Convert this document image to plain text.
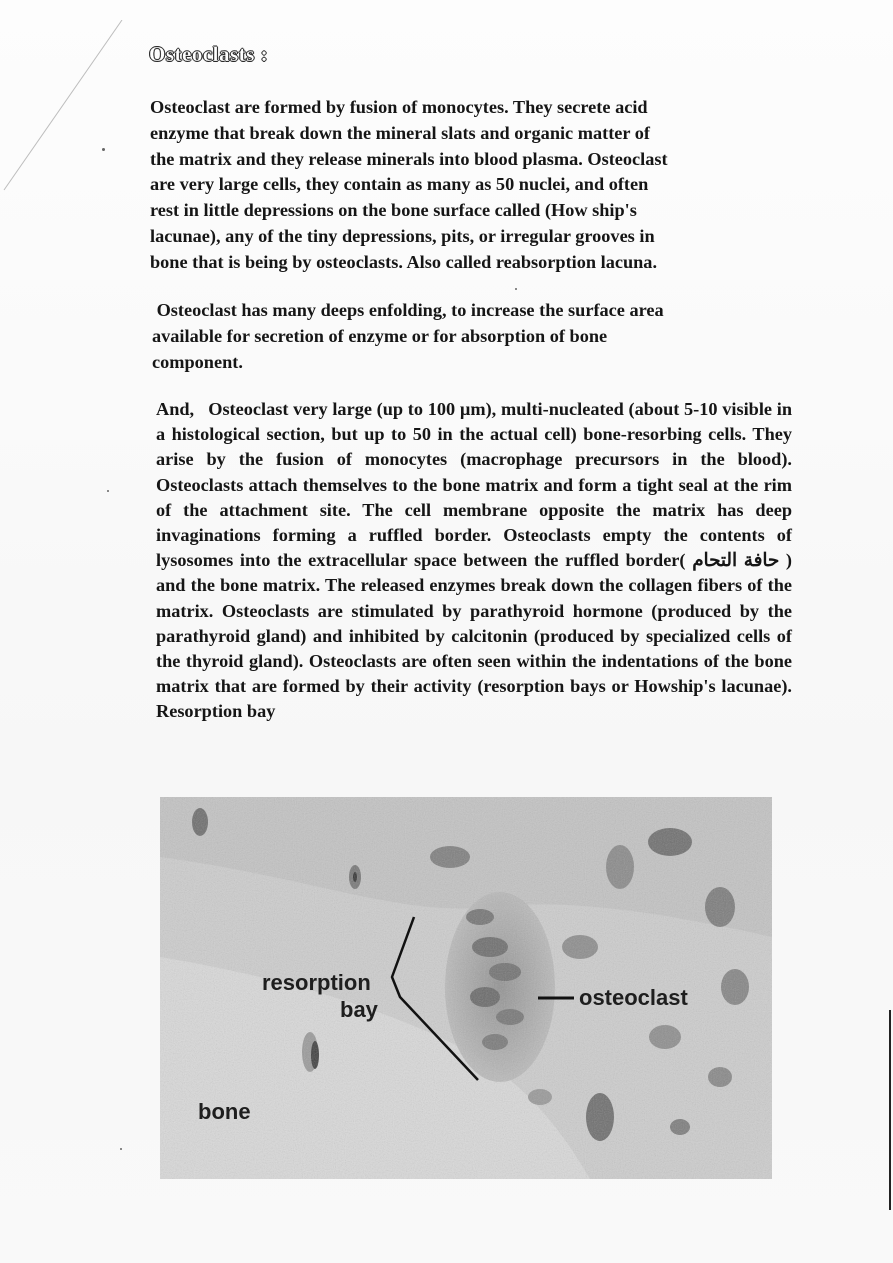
Osteoclasts :
Osteoclast are formed by fusion of monocytes. They secrete acid
enzyme that break down the mineral slats and organic matter of
the matrix and they release minerals into blood plasma. Osteoclast
are very large cells, they contain as many as 50 nuclei, and often
rest in little depressions on the bone surface called (How ship's
lacunae), any of the tiny depressions, pits, or irregular grooves in
bone that is being by osteoclasts. Also called reabsorption lacuna.
Osteoclast has many deeps enfolding, to increase the surface area
available for secretion of enzyme or for absorption of bone
component.

And,   Osteoclast very large (up to 100 µm), multi-nucleated (about 5-10 visible in a histological section, but up to 50 in the actual cell) bone-resorbing cells. They arise by the fusion of monocytes (macrophage precursors in the blood). Osteoclasts attach themselves to the bone matrix and form a tight seal at the rim of the attachment site. The cell membrane opposite the matrix has deep invaginations forming a ruffled border. Osteoclasts empty the contents of lysosomes into the extracellular space between the ruffled border( حافة التحام ) and the bone matrix. The released enzymes break down the collagen fibers of the matrix. Osteoclasts are stimulated by parathyroid hormone (produced by the parathyroid gland) and inhibited by calcitonin (produced by specialized cells of the thyroid gland). Osteoclasts are often seen within the indentations of the bone matrix that are formed by their activity (resorption bays or Howship's lacunae).  Resorption bay

resorption
bay	osteoclast
bone
